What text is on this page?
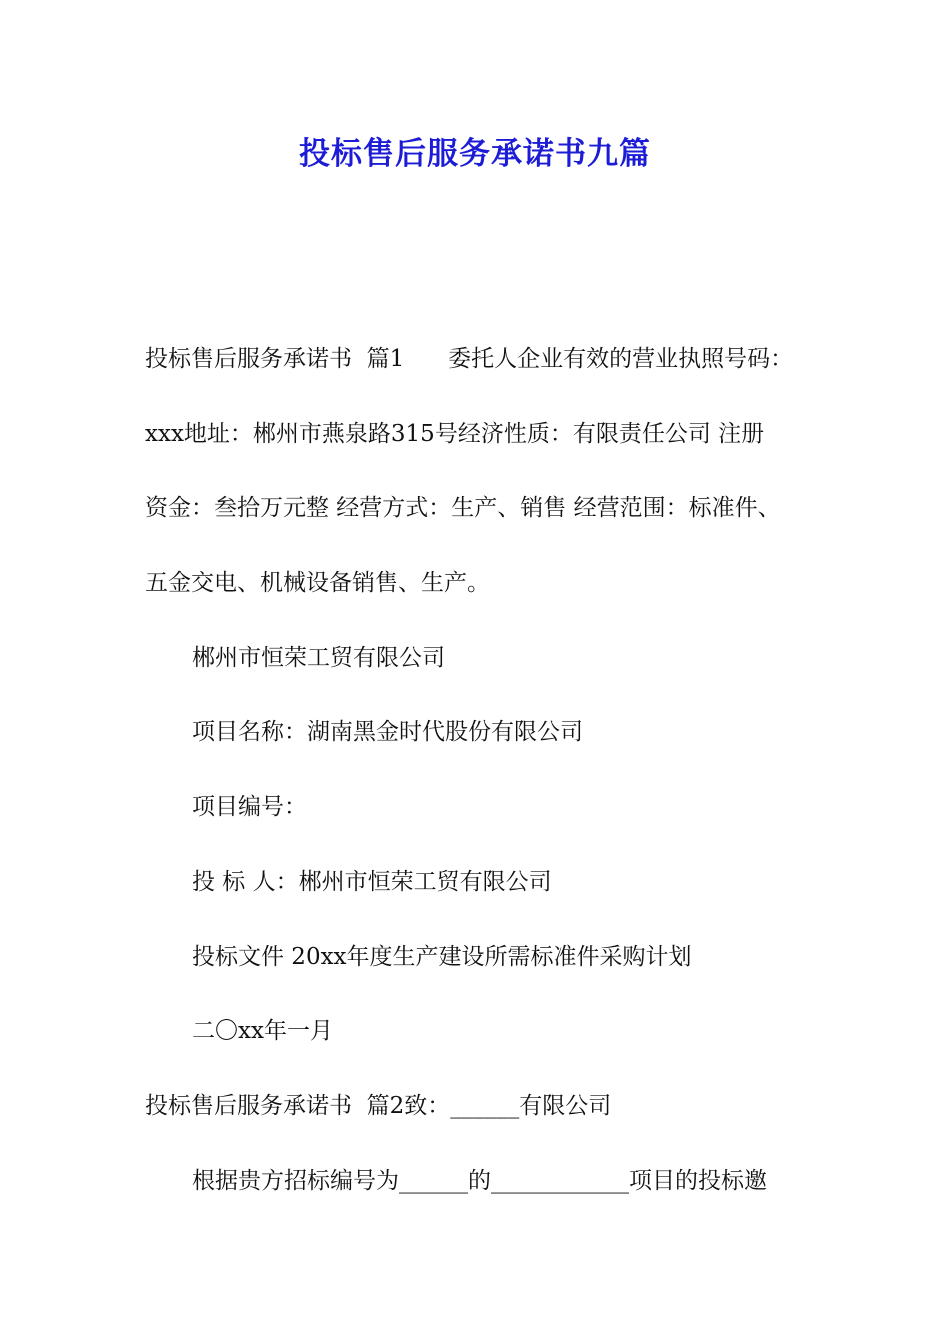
投标售后服务承诺书九篇

投标售后服务承诺书  篇1      委托人企业有效的营业执照号码：

xxx地址：郴州市燕泉路315号经济性质：有限责任公司 注册

资金：叁拾万元整 经营方式：生产、销售 经营范围：标准件、

五金交电、机械设备销售、生产。

郴州市恒荣工贸有限公司

项目名称：湖南黑金时代股份有限公司

项目编号：

投 标 人：郴州市恒荣工贸有限公司

投标文件 20xx年度生产建设所需标准件采购计划

二〇xx年一月

投标售后服务承诺书  篇2致：______有限公司

根据贵方招标编号为______的____________项目的投标邀
